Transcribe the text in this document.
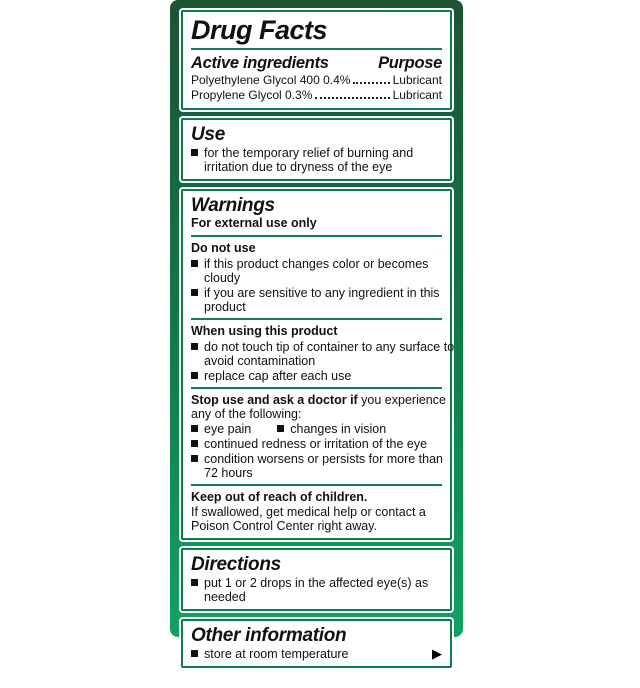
Drug Facts
Active ingredients	Purpose
Polyethylene Glycol 400 0.4%	Lubricant
Propylene Glycol 0.3%	Lubricant
Use
for the temporary relief of burning and
irritation due to dryness of the eye
Warnings
For external use only
Do not use
if this product changes color or becomes
cloudy
if you are sensitive to any ingredient in this
product
When using this product
do not touch tip of container to any surface to
avoid contamination
replace cap after each use
Stop use and ask a doctor if you experience
any of the following:
eye pain	changes in vision
continued redness or irritation of the eye
condition worsens or persists for more than
72 hours
Keep out of reach of children.
If swallowed, get medical help or contact a
Poison Control Center right away.
Directions
put 1 or 2 drops in the affected eye(s) as
needed
Other information
store at room temperature	▶
¹ Based on a survey of eye care professionals. Data on file.
